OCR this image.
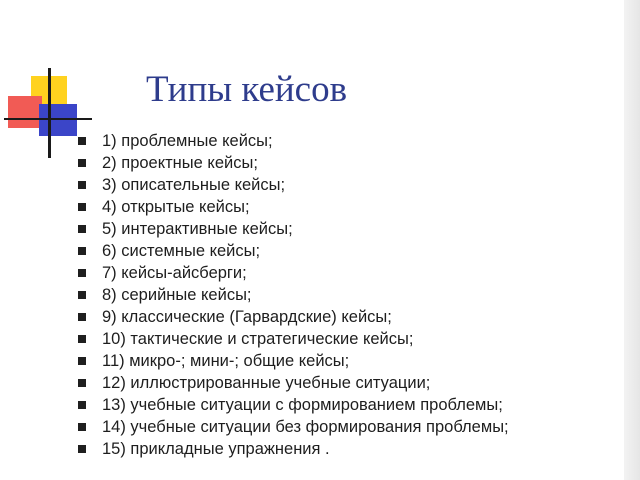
Типы кейсов
1) проблемные кейсы;
2) проектные кейсы;
3) описательные кейсы;
4) открытые кейсы;
5) интерактивные кейсы;
6) системные кейсы;
7) кейсы-айсберги;
8) серийные кейсы;
9) классические (Гарвардские) кейсы;
10) тактические и стратегические кейсы;
11) микро-; мини-; общие кейсы;
12) иллюстрированные учебные ситуации;
13) учебные ситуации с формированием проблемы;
14) учебные ситуации без формирования проблемы;
15) прикладные упражнения .
